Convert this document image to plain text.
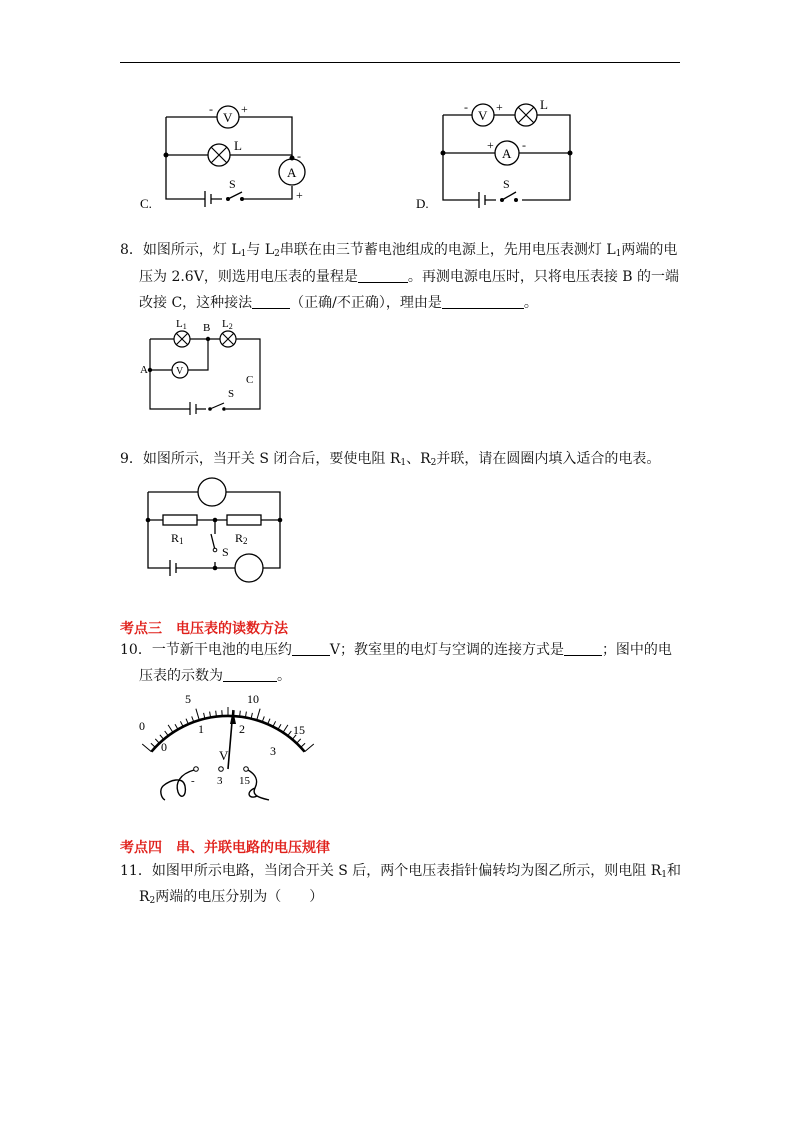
V
- +
L
A
-
+
S
C.
V
- +	L
A
+ -
S
D.
8．如图所示，灯 $L_1$与 $L_2$串联在由三节蓄电池组成的电源上，先用电压表测灯 $L_1$两端的电
压为 2.6V，则选用电压表的量程是	。再测电源电压时，只将电压表接 B 的一端
改接 C，这种接法	（正确/不正确），理由是	。
L1	L2
B
A
C
V
S
9．如图所示，当开关 S 闭合后，要使电阻 $R_1$、$R_2$并联，请在圆圈内填入适合的电表。
R1	R2
S
考点三　电压表的读数方法
10．一节新干电池的电压约	V；教室里的电灯与空调的连接方式是	；图中的电
压表的示数为	。
0
5	10
15
0
1	2
3
V
- 3 15
考点四　串、并联电路的电压规律
11．如图甲所示电路，当闭合开关 S 后，两个电压表指针偏转均为图乙所示，则电阻 $R_1$和
$R_2$两端的电压分别为（　　）
